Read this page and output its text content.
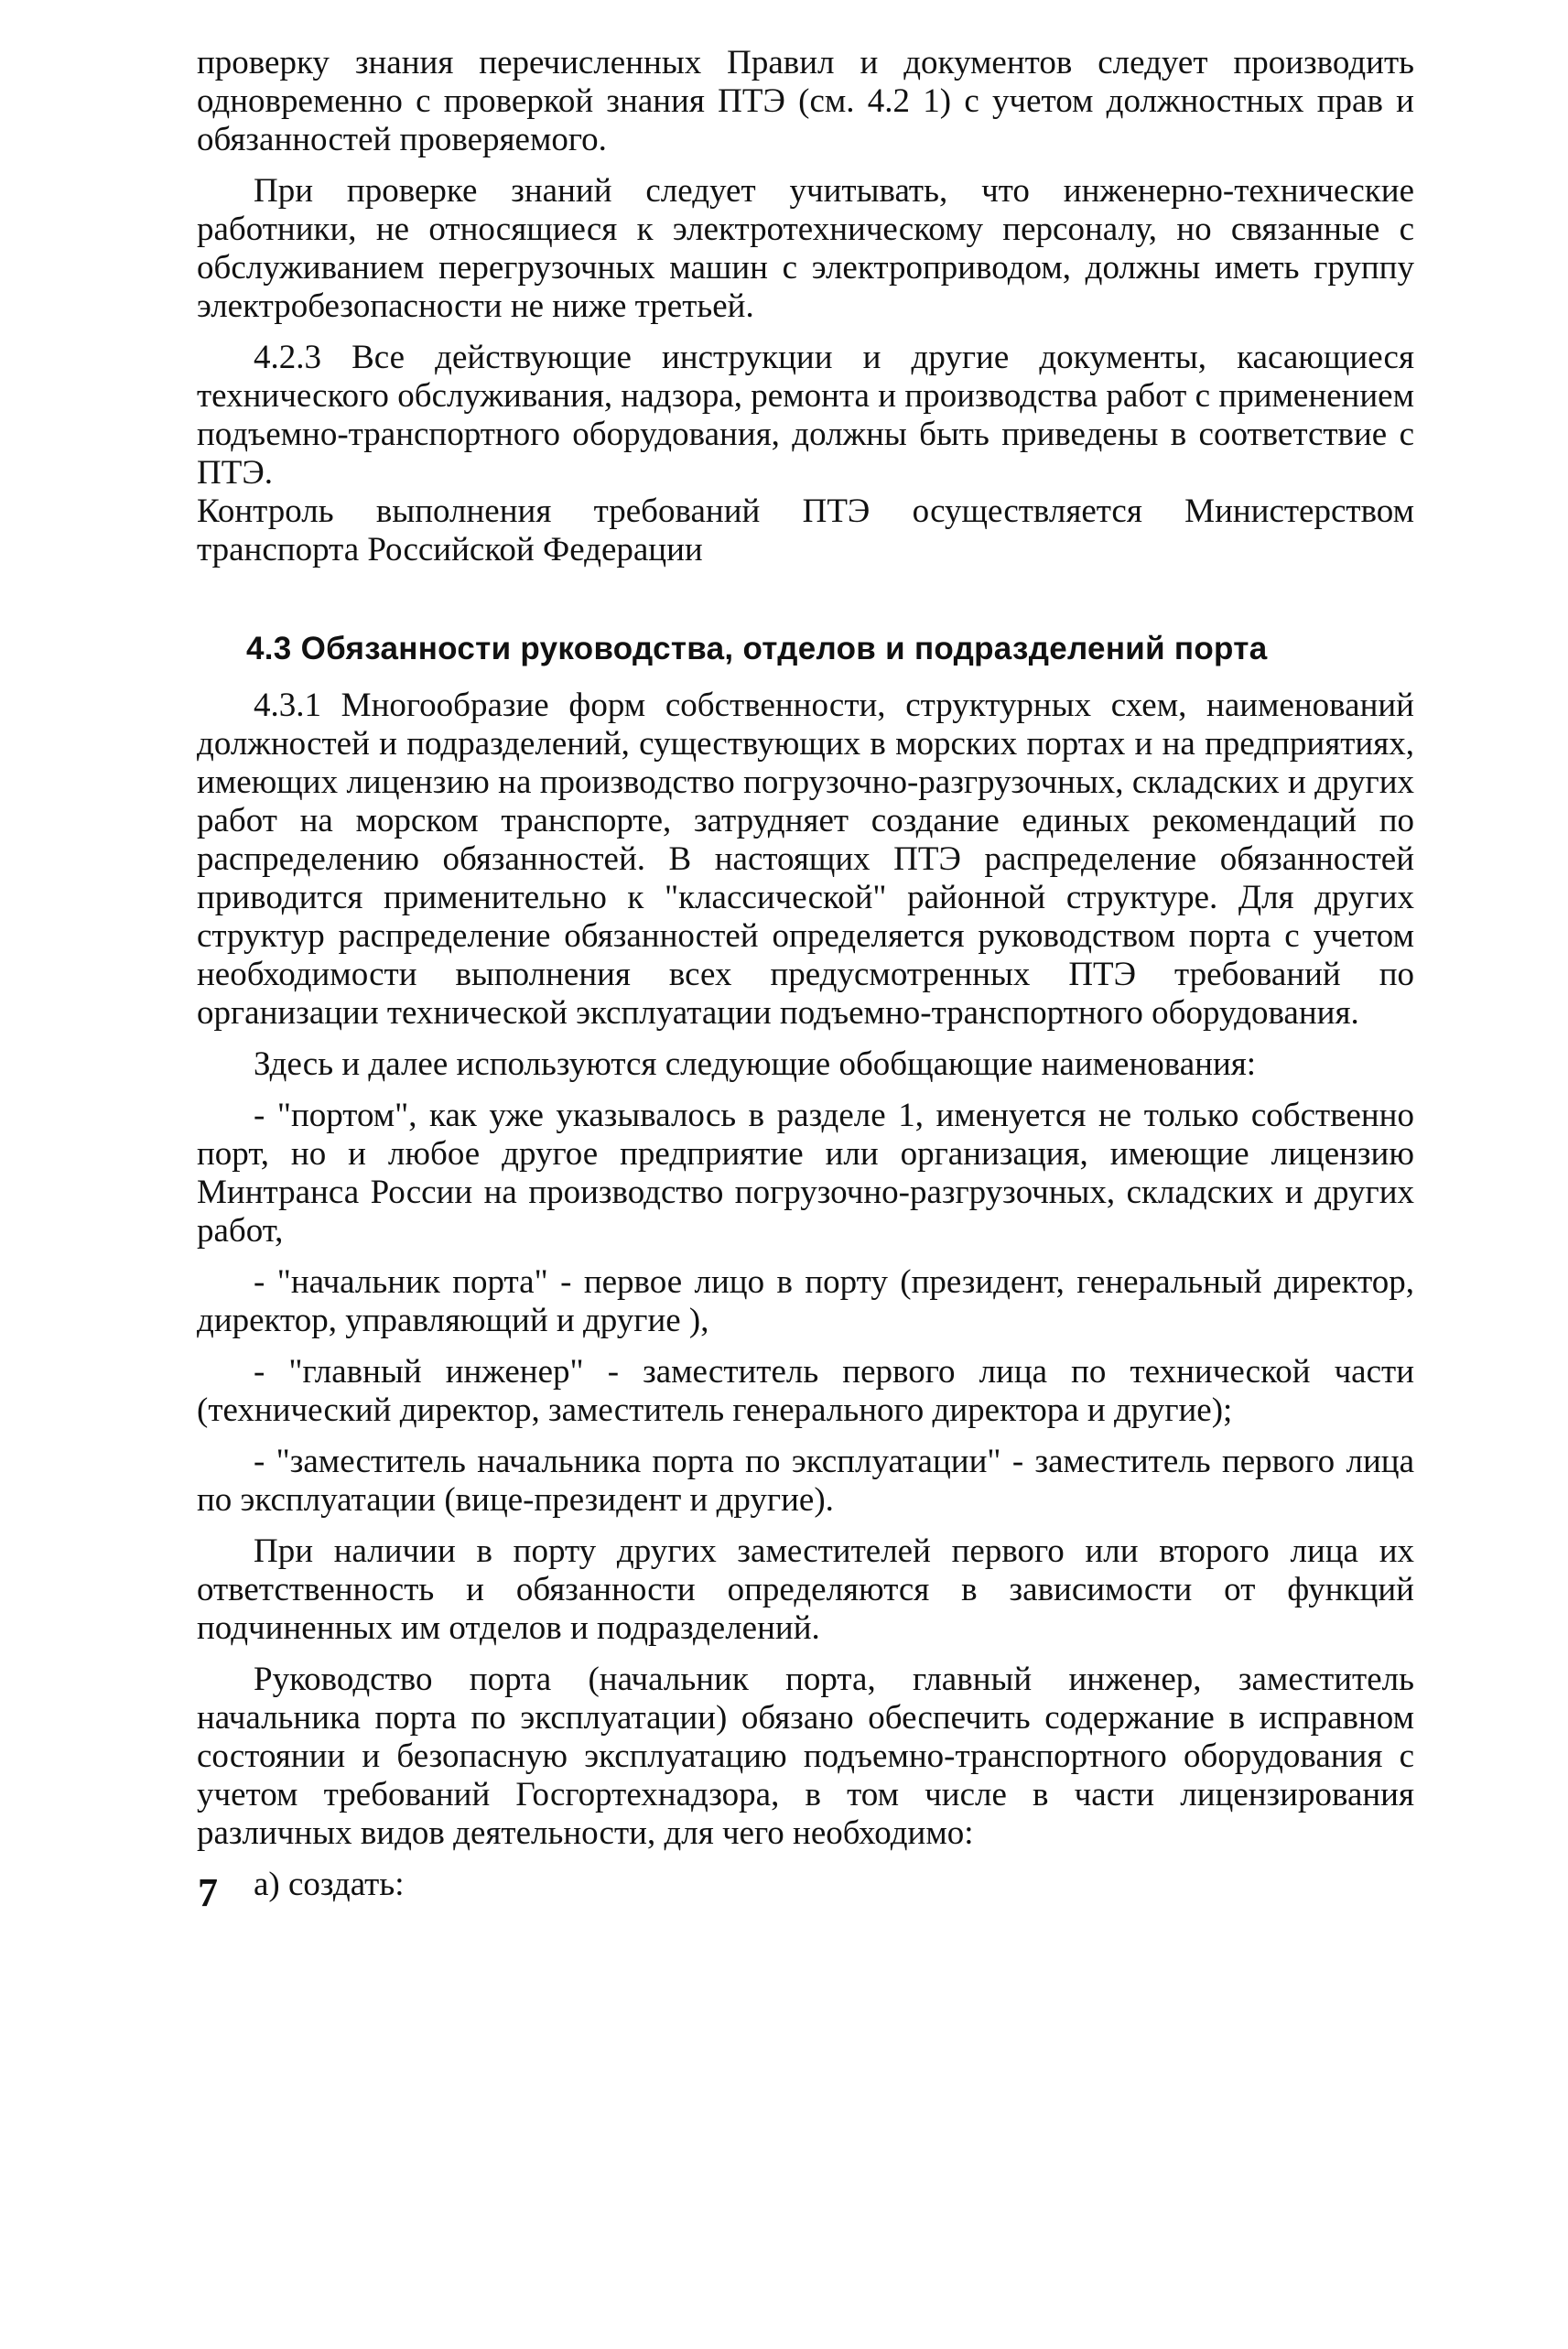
проверку знания перечисленных Правил и документов следует производить одновременно с проверкой знания ПТЭ (см. 4.2 1) с учетом должностных прав и обязанностей проверяемого.

При проверке знаний следует учитывать, что инженерно-технические работники, не относящиеся к электротехническому персоналу, но связанные с обслуживанием перегрузочных машин с электроприводом, должны иметь группу электробезопасности не ниже третьей.

4.2.3 Все действующие инструкции и другие документы, касающиеся технического обслуживания, надзора, ремонта и производства работ с применением подъемно-транспортного оборудования, должны быть приведены в соответствие с ПТЭ.

Контроль выполнения требований ПТЭ осуществляется Министерством транспорта Российской Федерации

4.3 Обязанности руководства, отделов и подразделений порта

4.3.1 Многообразие форм собственности, структурных схем, наименований должностей и подразделений, существующих в морских портах и на предприятиях, имеющих лицензию на производство погрузочно-разгрузочных, складских и других работ на морском транспорте, затрудняет создание единых рекомендаций по распределению обязанностей. В настоящих ПТЭ распределение обязанностей приводится применительно к "классической" районной структуре. Для других структур распределение обязанностей определяется руководством порта с учетом необходимости выполнения всех предусмотренных ПТЭ требований по организации технической эксплуатации подъемно-транспортного оборудования.

Здесь и далее используются следующие обобщающие наименования:

- "портом", как уже указывалось в разделе 1, именуется не только собственно порт, но и любое другое предприятие или организация, имеющие лицензию Минтранса России на производство погрузочно-разгрузочных, складских и других работ,

- "начальник порта" - первое лицо в порту (президент, генеральный директор, директор, управляющий и другие ),

- "главный инженер" - заместитель первого лица по технической части (технический директор, заместитель генерального директора и другие);

- "заместитель начальника порта по эксплуатации" - заместитель первого лица по эксплуатации (вице-президент и другие).

При наличии в порту других заместителей первого или второго лица их ответственность и обязанности определяются в зависимости от функций подчиненных им отделов и подразделений.

Руководство порта (начальник порта, главный инженер, заместитель начальника порта по эксплуатации) обязано обеспечить содержание в исправном состоянии и безопасную эксплуатацию подъемно-транспортного оборудования с учетом требований Госгортехнадзора, в том числе в части лицензирования различных видов деятельности, для чего необходимо:

а) создать:

7
